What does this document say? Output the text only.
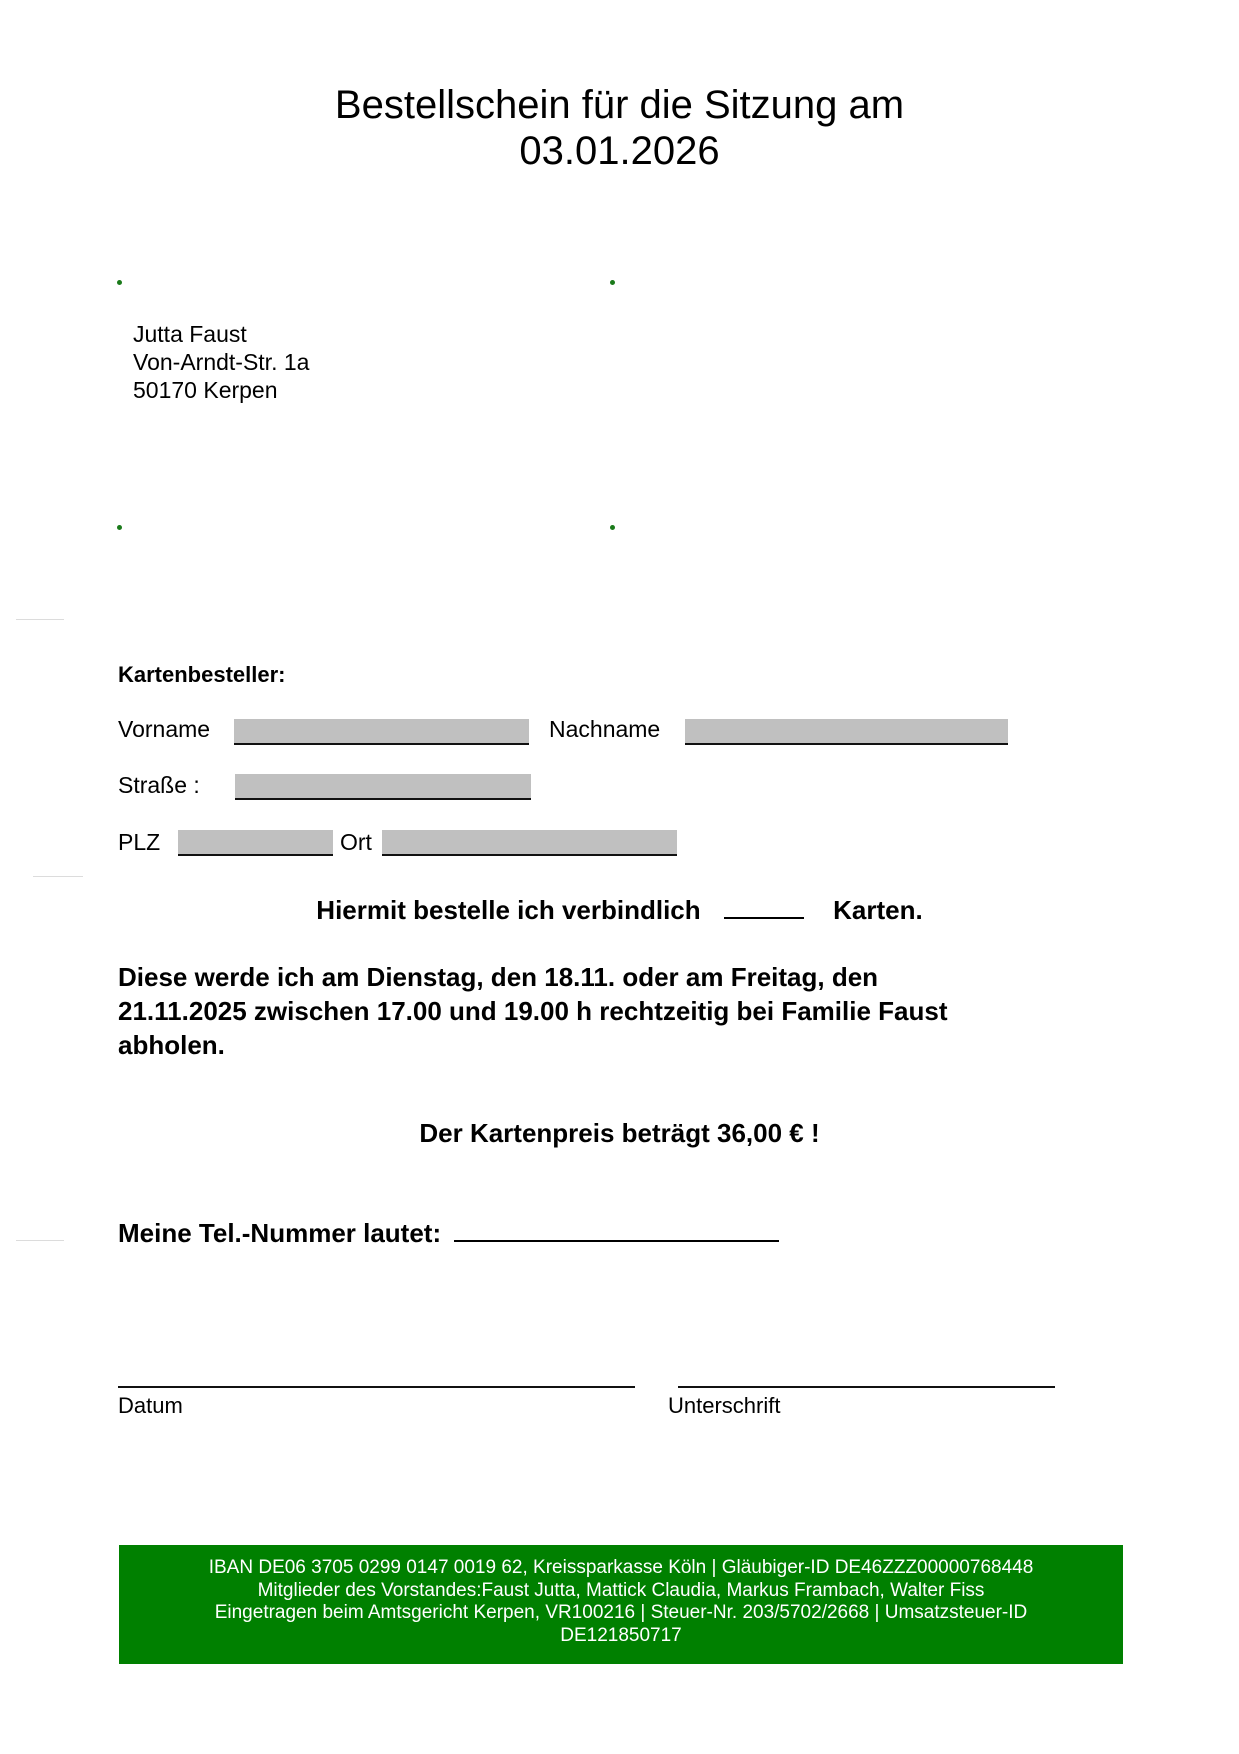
Bestellschein für die Sitzung am
03.01.2026
Jutta Faust
Von-Arndt-Str. 1a
50170 Kerpen
Kartenbesteller:
Vorname	Nachname
Straße :
PLZ	Ort
Hiermit bestelle ich verbindlich	Karten.
Diese werde ich am Dienstag, den 18.11. oder am Freitag, den
21.11.2025 zwischen 17.00 und 19.00 h rechtzeitig bei Familie Faust
abholen.
Der Kartenpreis beträgt 36,00 € !
Meine Tel.-Nummer lautet:
Datum	Unterschrift
IBAN DE06 3705 0299 0147 0019 62, Kreissparkasse Köln | Gläubiger-ID DE46ZZZ00000768448
Mitglieder des Vorstandes:Faust Jutta, Mattick Claudia, Markus Frambach, Walter Fiss
Eingetragen beim Amtsgericht Kerpen, VR100216 | Steuer-Nr. 203/5702/2668 | Umsatzsteuer-ID
DE121850717
